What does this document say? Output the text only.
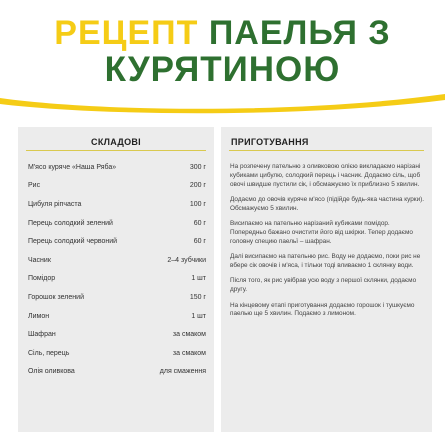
РЕЦЕПТ ПАЕЛЬЯ З
КУРЯТИНОЮ
СКЛАДОВІ
М'ясо куряче «Наша Ряба»	300 г
Рис	200 г
Цибуля ріпчаста	100 г
Перець солодкий зелений	60 г
Перець солодкий червоний	60 г
Часник	2–4 зубчики
Помідор	1 шт
Горошок зелений	150 г
Лимон	1 шт
Шафран	за смаком
Сіль, перець	за смаком
Олія оливкова	для смаження
ПРИГОТУВАННЯ

На розпечену пательню з оливковою олією викладаємо нарізані кубиками цибулю, солодкий перець і часник. Додаємо сіль, щоб овочі швидше пустили сік, і обсмажуємо їх приблизно 5 хвилин.

Додаємо до овочів куряче м'ясо (підійде будь-яка частина курки). Обсмажуємо 5 хвилин.

Висипаємо на пательню нарізаний кубиками помідор. Попередньо бажано очистити його від шкірки. Тепер додаємо головну специю паельї – шафран.

Далі висипаємо на пательню рис. Воду не додаємо, поки рис не вбере сік овочів і м'яса, і тільки тоді вливаємо 1 склянку води.

Після того, як рис увібрав усю воду з першої склянки, додаємо другу.

На кінцевому етапі приготування додаємо горошок і тушкуємо паелью ще 5 хвилин. Подаємо з лимоном.
